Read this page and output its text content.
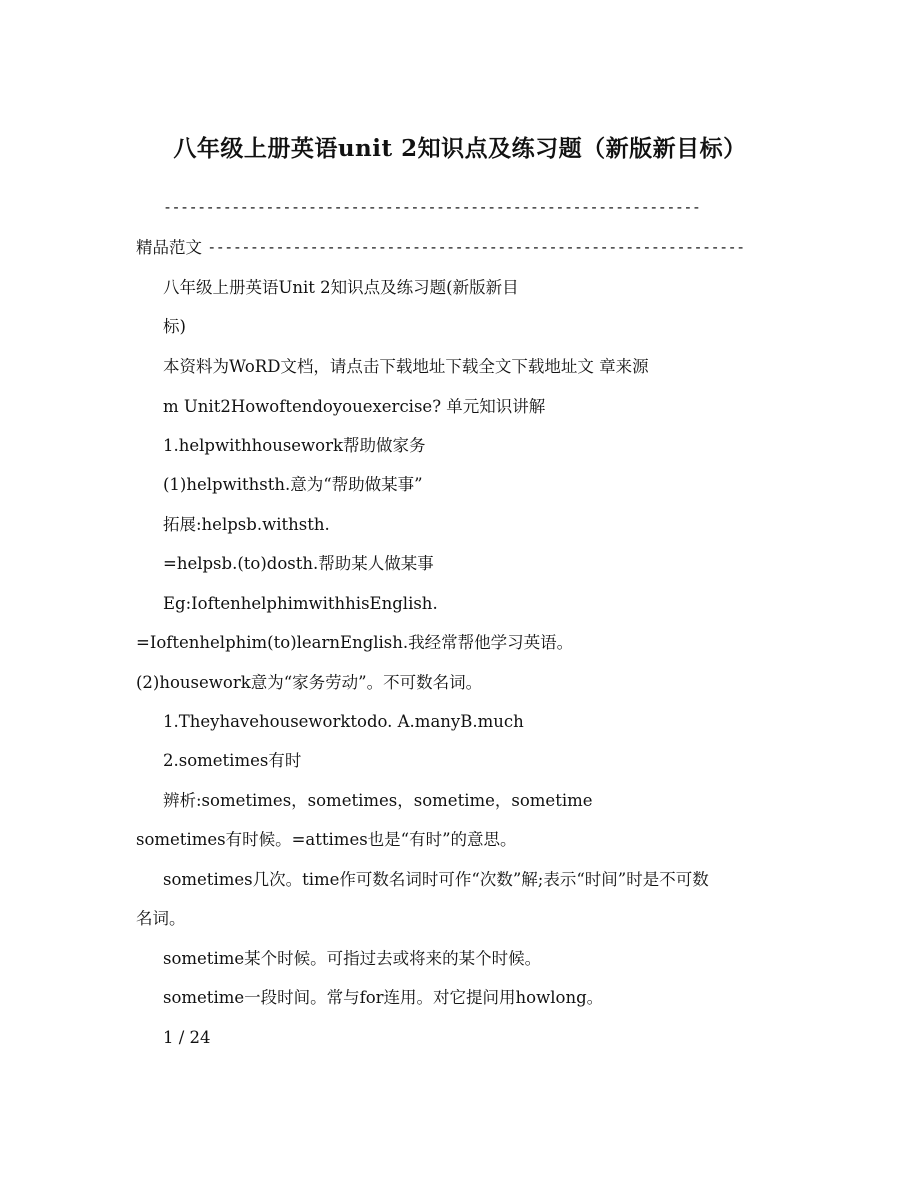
八年级上册英语unit 2知识点及练习题（新版新目标）
---------------------------------------------------------------
精品范文 ---------------------------------------------------------------
八年级上册英语Unit 2知识点及练习题(新版新目
标)
本资料为WoRD文档，请点击下载地址下载全文下载地址文 章来源
m Unit2Howoftendoyouexercise? 单元知识讲解
1.helpwithhousework帮助做家务
(1)helpwithsth.意为“帮助做某事”
拓展:helpsb.withsth.
=helpsb.(to)dosth.帮助某人做某事
Eg:IoftenhelphimwithhisEnglish.
=Ioftenhelphim(to)learnEnglish.我经常帮他学习英语。
(2)housework意为“家务劳动”。不可数名词。
1.Theyhavehouseworktodo. A.manyB.much
2.sometimes有时
辨析:sometimes，sometimes，sometime，sometime
sometimes有时候。=attimes也是“有时”的意思。
sometimes几次。time作可数名词时可作“次数”解;表示“时间”时是不可数
名词。
sometime某个时候。可指过去或将来的某个时候。
sometime一段时间。常与for连用。对它提问用howlong。
1 / 24
